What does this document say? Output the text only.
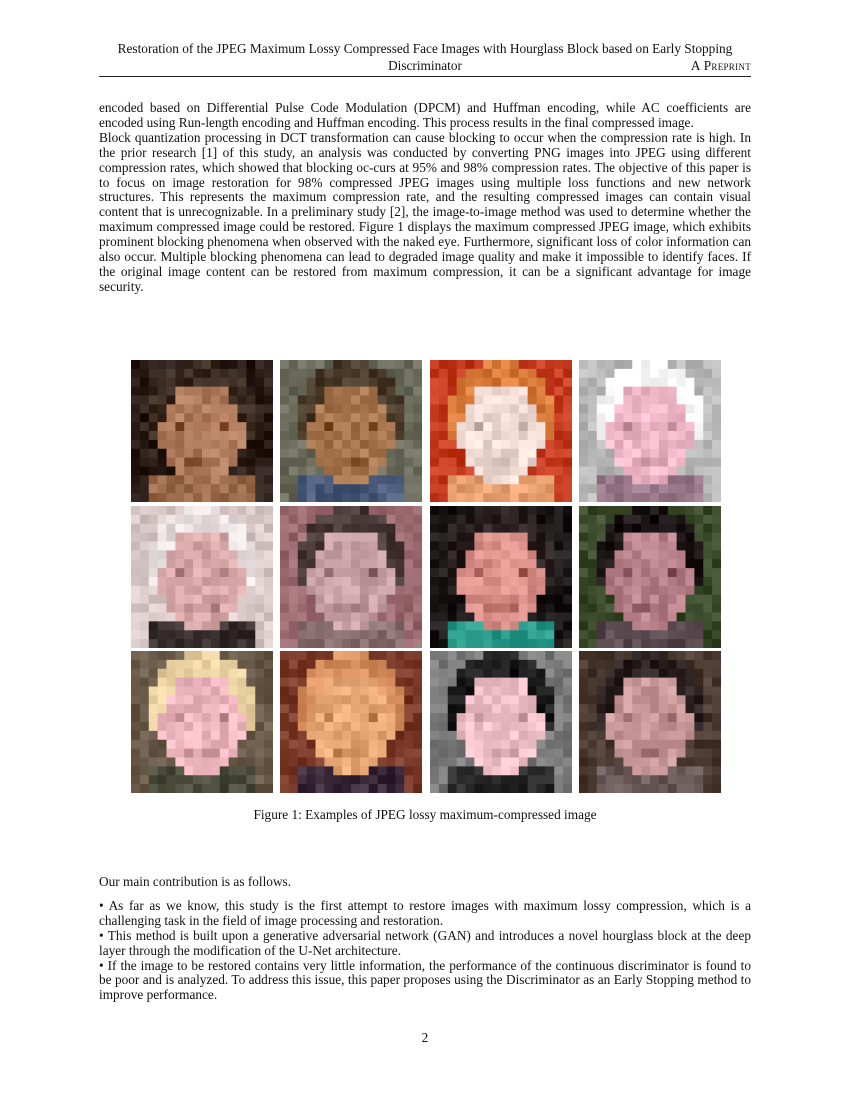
Restoration of the JPEG Maximum Lossy Compressed Face Images with Hourglass Block based on Early Stopping
Discriminator	A Preprint

encoded based on Differential Pulse Code Modulation (DPCM) and Huffman encoding, while AC coefficients are encoded using Run-length encoding and Huffman encoding. This process results in the final compressed image.

Block quantization processing in DCT transformation can cause blocking to occur when the compression rate is high. In the prior research [1] of this study, an analysis was conducted by converting PNG images into JPEG using different compression rates, which showed that blocking oc-curs at 95% and 98% compression rates. The objective of this paper is to focus on image restoration for 98% compressed JPEG images using multiple loss functions and new network structures. This represents the maximum compression rate, and the resulting compressed images can contain visual content that is unrecognizable. In a preliminary study [2], the image-to-image method was used to determine whether the maximum compressed image could be restored. Figure 1 displays the maximum compressed JPEG image, which exhibits prominent blocking phenomena when observed with the naked eye. Furthermore, significant loss of color information can also occur. Multiple blocking phenomena can lead to degraded image quality and make it impossible to identify faces. If the original image content can be restored from maximum compression, it can be a significant advantage for image security.

Figure 1: Examples of JPEG lossy maximum-compressed image

Our main contribution is as follows.

• As far as we know, this study is the first attempt to restore images with maximum lossy compression, which is a challenging task in the field of image processing and restoration.

• This method is built upon a generative adversarial network (GAN) and introduces a novel hourglass block at the deep layer through the modification of the U-Net architecture.

• If the image to be restored contains very little information, the performance of the continuous discriminator is found to be poor and is analyzed. To address this issue, this paper proposes using the Discriminator as an Early Stopping method to improve performance.

2
